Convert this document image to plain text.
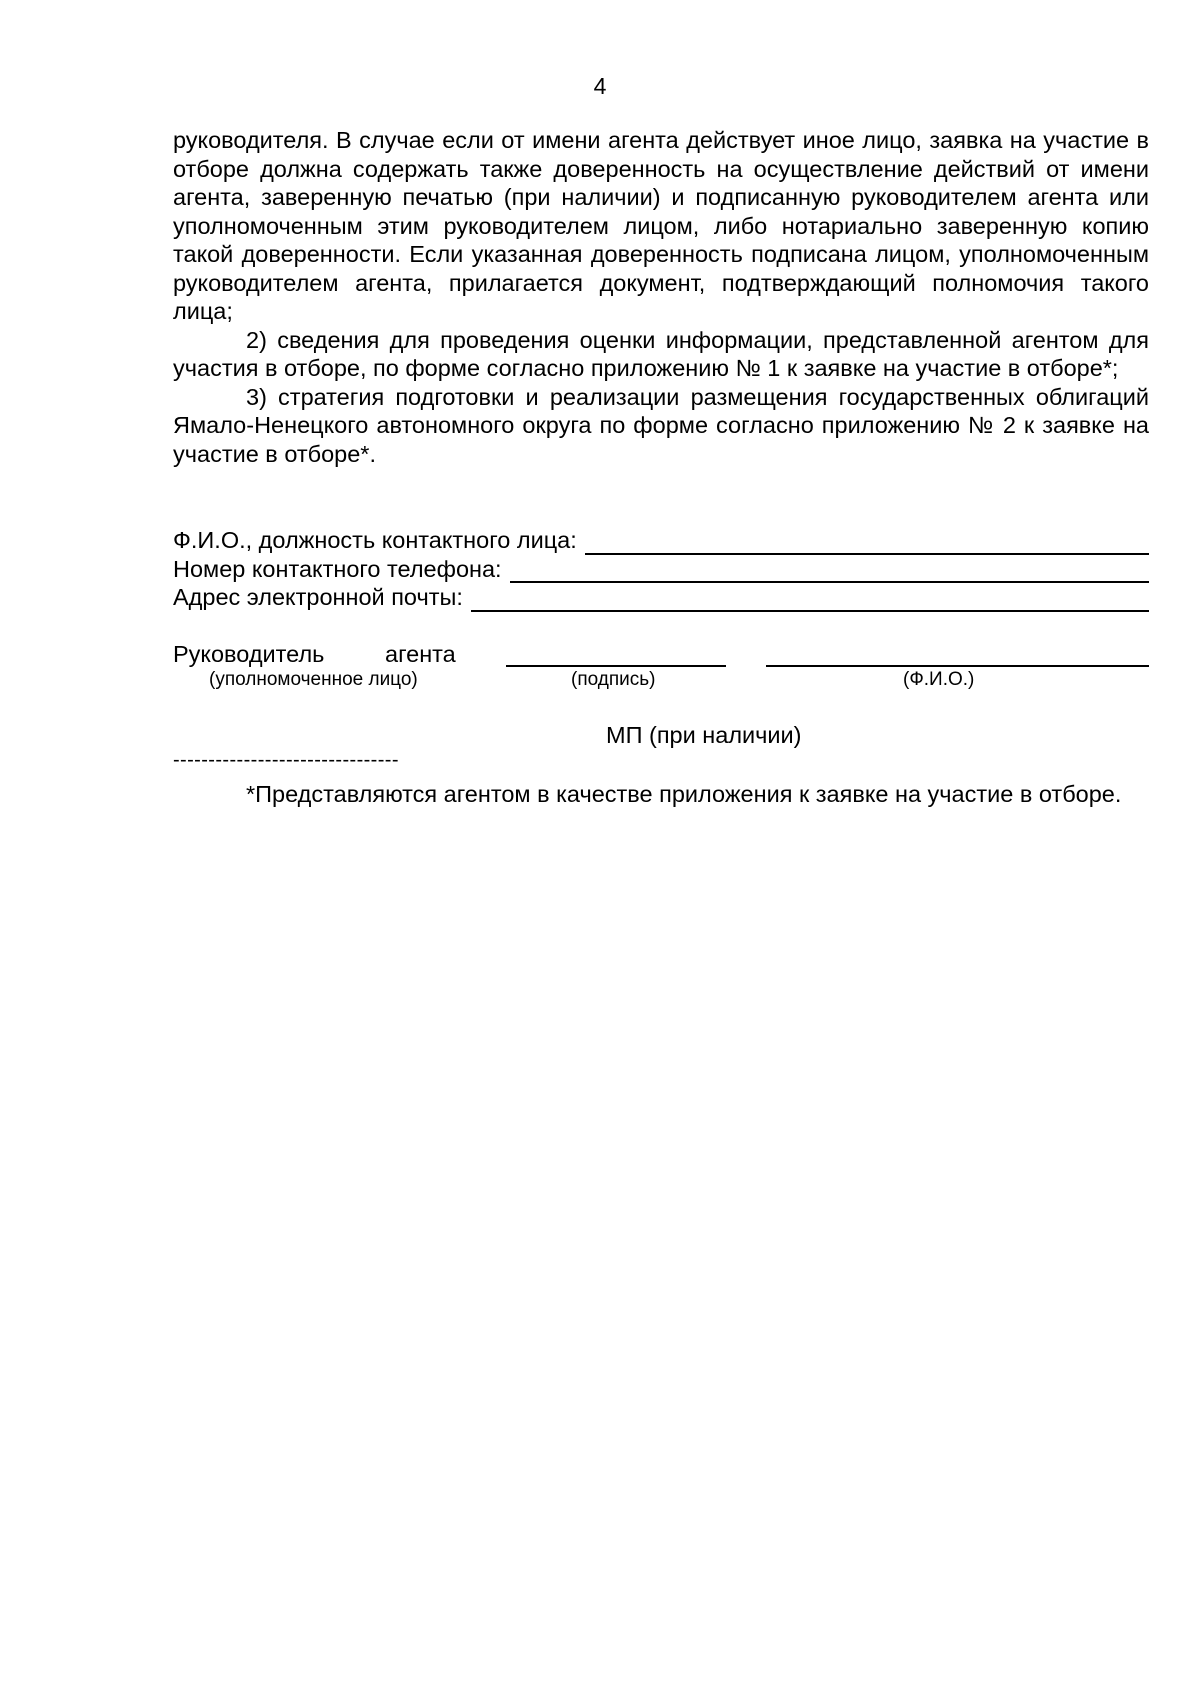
4

руководителя. В случае если от имени агента действует иное лицо, заявка на участие в отборе должна содержать также доверенность на осуществление действий от имени агента, заверенную печатью (при наличии) и подписанную руководителем агента или уполномоченным этим руководителем лицом, либо нотариально заверенную копию такой доверенности. Если указанная доверенность подписана лицом, уполномоченным руководителем агента, прилагается документ, подтверждающий полномочия такого лица;

2) сведения для проведения оценки информации, представленной агентом для участия в отборе, по форме согласно приложению № 1 к заявке на участие в отборе*;

3) стратегия подготовки и реализации размещения государственных облигаций Ямало-Ненецкого автономного округа по форме согласно приложению № 2 к заявке на участие в отборе*.

Ф.И.О., должность контактного лица:
Номер контактного телефона:
Адрес электронной почты:
Руководитель	агента
(уполномоченное лицо)	(подпись)	(Ф.И.О.)
МП (при наличии)
--------------------------------

*Представляются агентом в качестве приложения к заявке на участие в отборе.
